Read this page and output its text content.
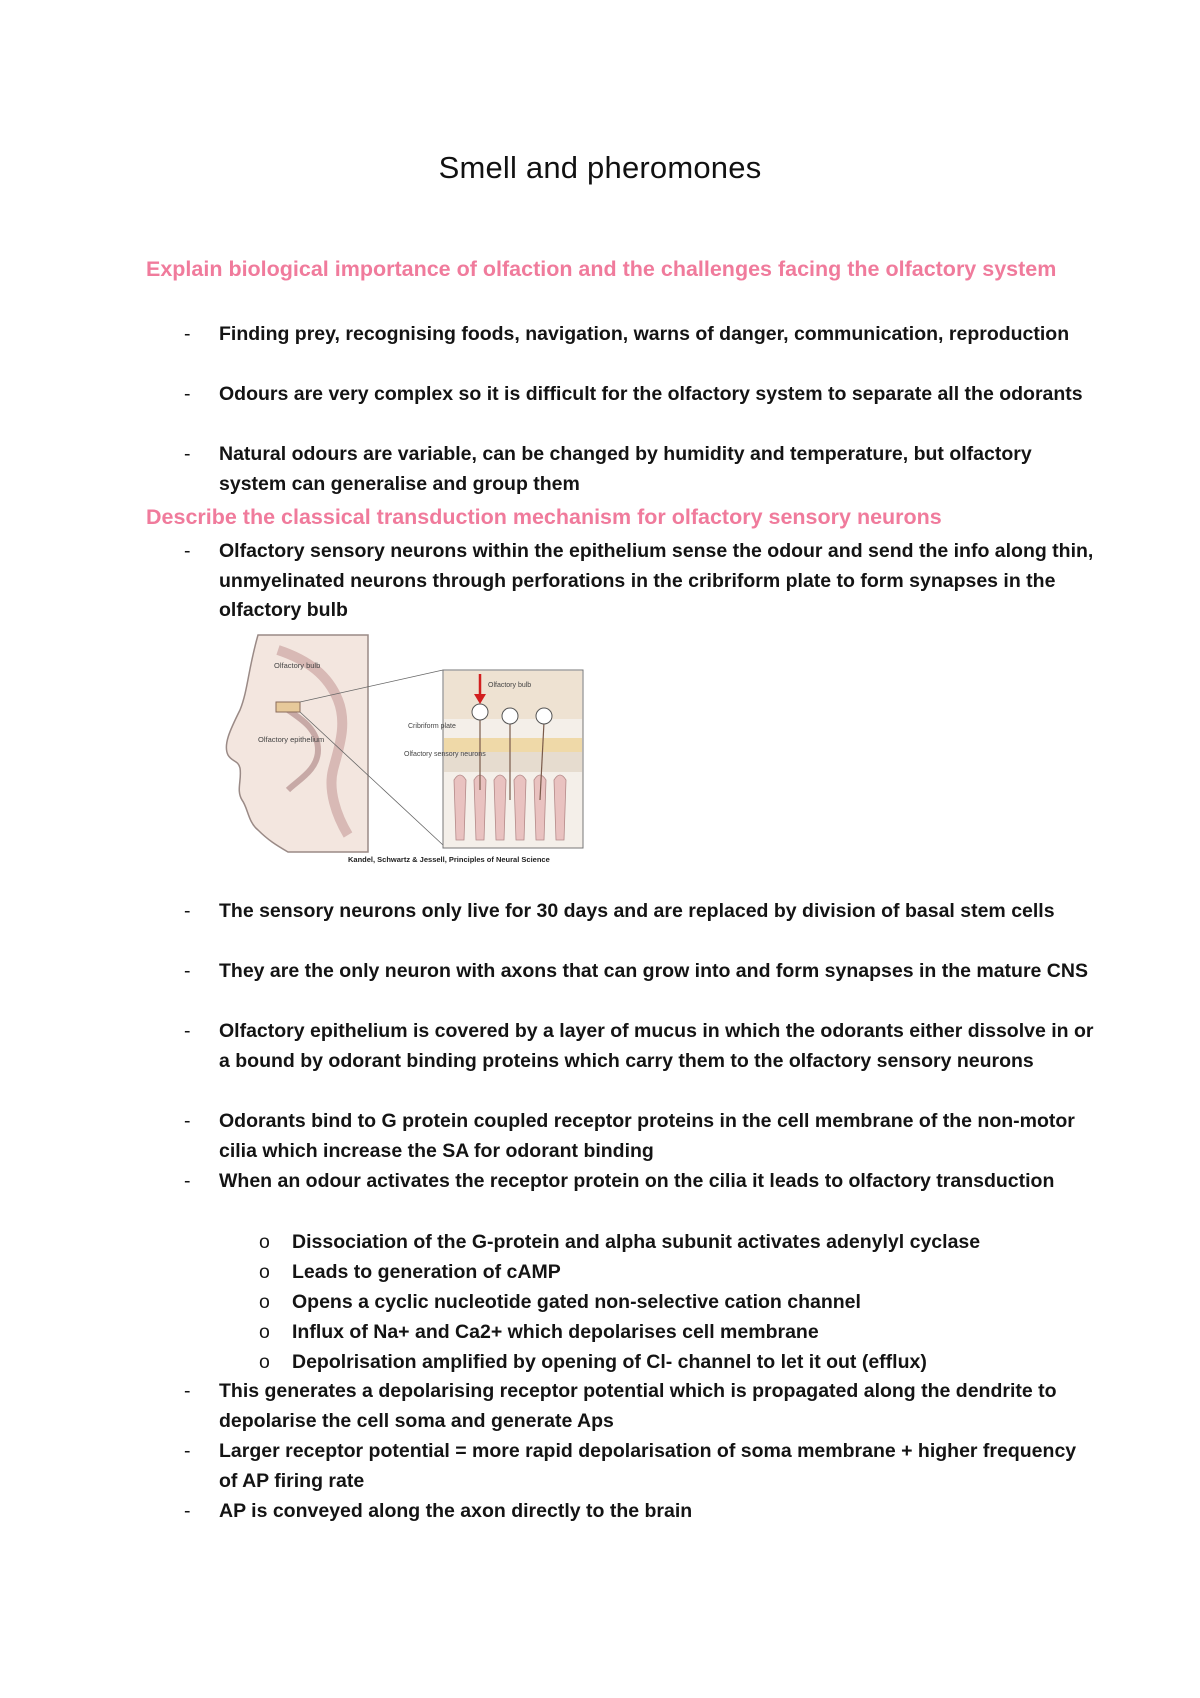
Smell and pheromones
Explain biological importance of olfaction and the challenges facing the olfactory system
- Finding prey, recognising foods, navigation, warns of danger, communication, reproduction
- Odours are very complex so it is difficult for the olfactory system to separate all the odorants
- Natural odours are variable, can be changed by humidity and temperature, but olfactory system can generalise and group them
Describe the classical transduction mechanism for olfactory sensory neurons
- Olfactory sensory neurons within the epithelium sense the odour and send the info along thin, unmyelinated neurons through perforations in the cribriform plate to form synapses in the olfactory bulb
Olfactory bulb
Olfactory epithelium
Olfactory bulb
Cribriform plate
Olfactory sensory neurons
Kandel, Schwartz & Jessell, Principles of Neural Science
- The sensory neurons only live for 30 days and are replaced by division of basal stem cells
- They are the only neuron with axons that can grow into and form synapses in the mature CNS
- Olfactory epithelium is covered by a layer of mucus in which the odorants either dissolve in or a bound by odorant binding proteins which carry them to the olfactory sensory neurons
- Odorants bind to G protein coupled receptor proteins in the cell membrane of the non-motor cilia which increase the SA for odorant binding
- When an odour activates the receptor protein on the cilia it leads to olfactory transduction
o Dissociation of the G-protein and alpha subunit activates adenylyl cyclase
o Leads to generation of cAMP
o Opens a cyclic nucleotide gated non-selective cation channel
o Influx of Na+ and Ca2+ which depolarises cell membrane
o Depolrisation amplified by opening of Cl- channel to let it out (efflux)
- This generates a depolarising receptor potential which is propagated along the dendrite to depolarise the cell soma and generate Aps
- Larger receptor potential = more rapid depolarisation of soma membrane + higher frequency of AP firing rate
- AP is conveyed along the axon directly to the brain
